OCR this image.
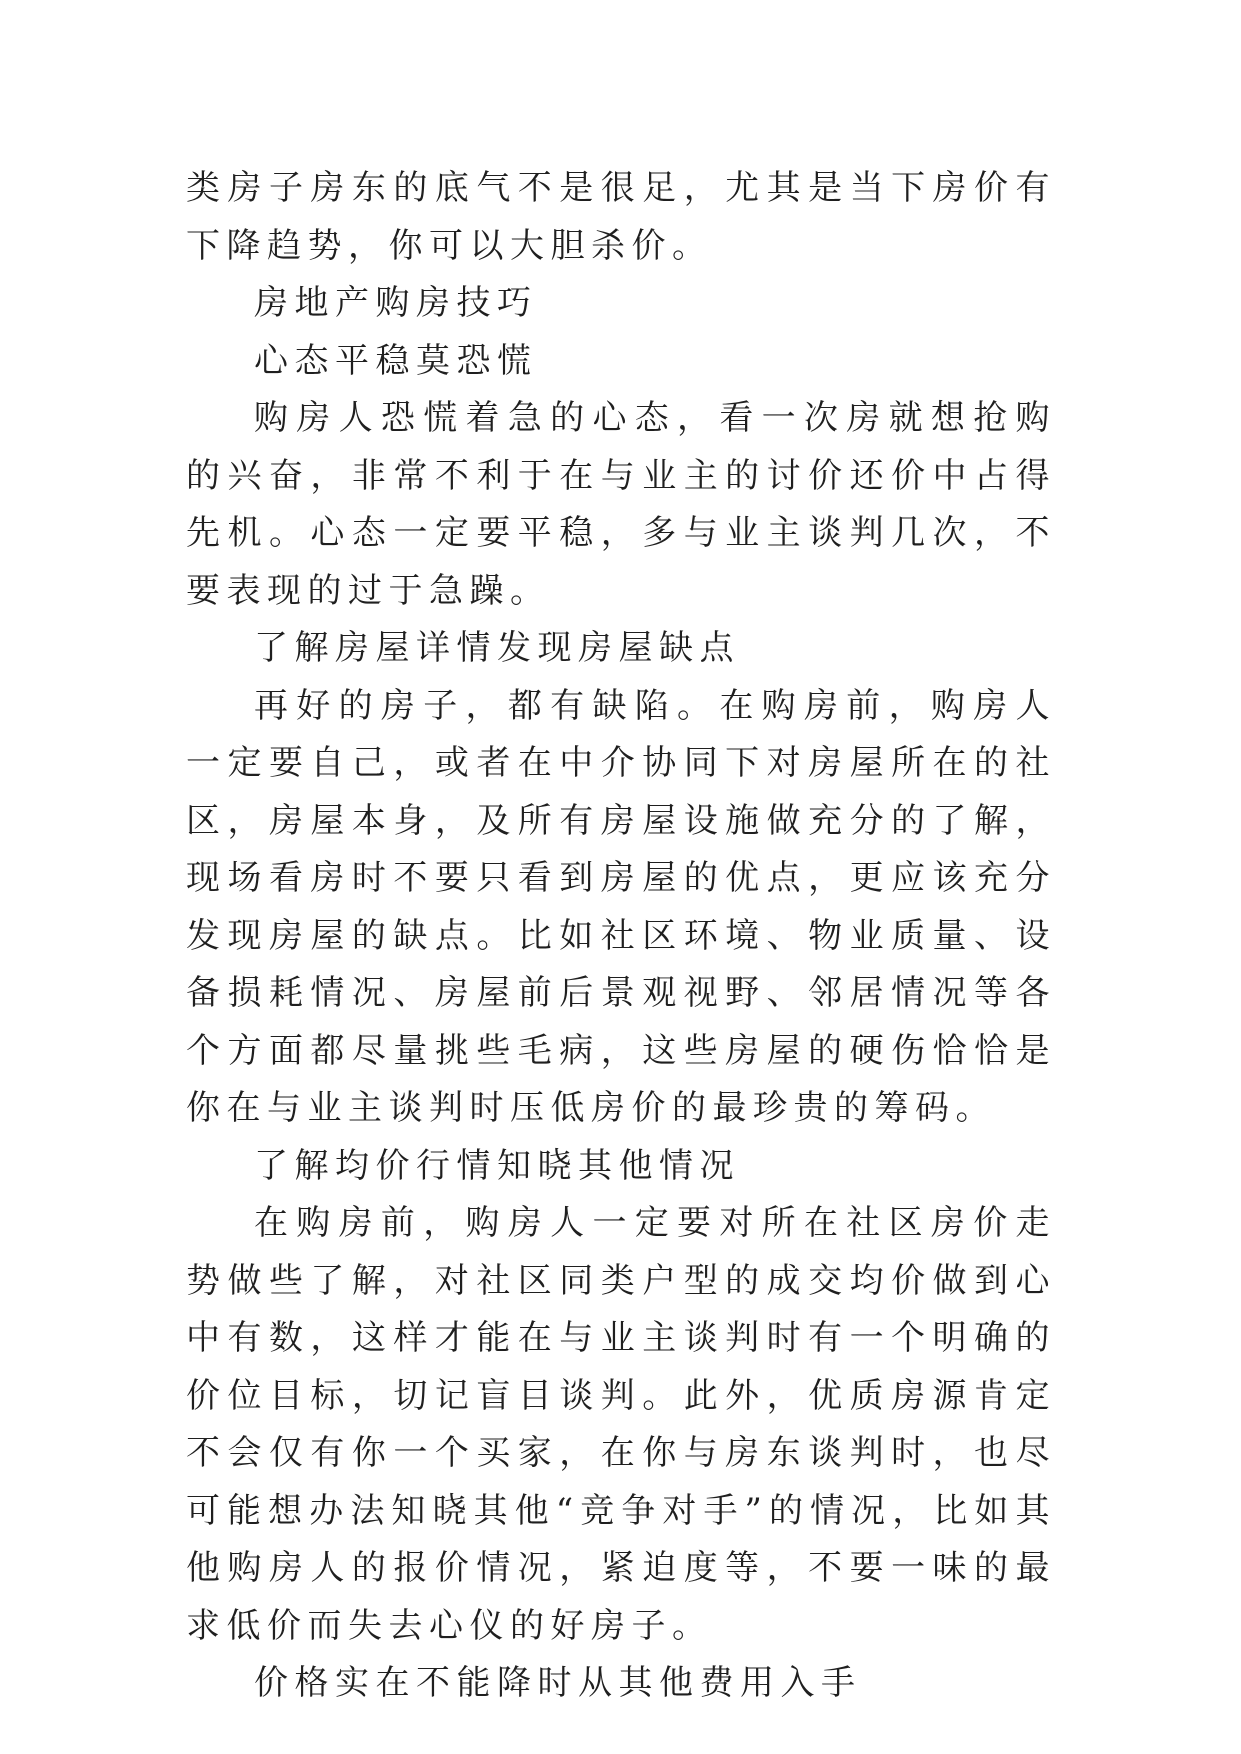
类房子房东的底气不是很足，尤其是当下房价有下降趋势，你可以大胆杀价。

房地产购房技巧

心态平稳莫恐慌

购房人恐慌着急的心态，看一次房就想抢购的兴奋，非常不利于在与业主的讨价还价中占得先机。心态一定要平稳，多与业主谈判几次，不要表现的过于急躁。

了解房屋详情发现房屋缺点

再好的房子，都有缺陷。在购房前，购房人一定要自己，或者在中介协同下对房屋所在的社区，房屋本身，及所有房屋设施做充分的了解，现场看房时不要只看到房屋的优点，更应该充分发现房屋的缺点。比如社区环境、物业质量、设备损耗情况、房屋前后景观视野、邻居情况等各个方面都尽量挑些毛病，这些房屋的硬伤恰恰是你在与业主谈判时压低房价的最珍贵的筹码。

了解均价行情知晓其他情况

在购房前，购房人一定要对所在社区房价走势做些了解，对社区同类户型的成交均价做到心中有数，这样才能在与业主谈判时有一个明确的价位目标，切记盲目谈判。此外，优质房源肯定不会仅有你一个买家，在你与房东谈判时，也尽可能想办法知晓其他“竞争对手”的情况，比如其他购房人的报价情况，紧迫度等，不要一味的最求低价而失去心仪的好房子。

价格实在不能降时从其他费用入手
